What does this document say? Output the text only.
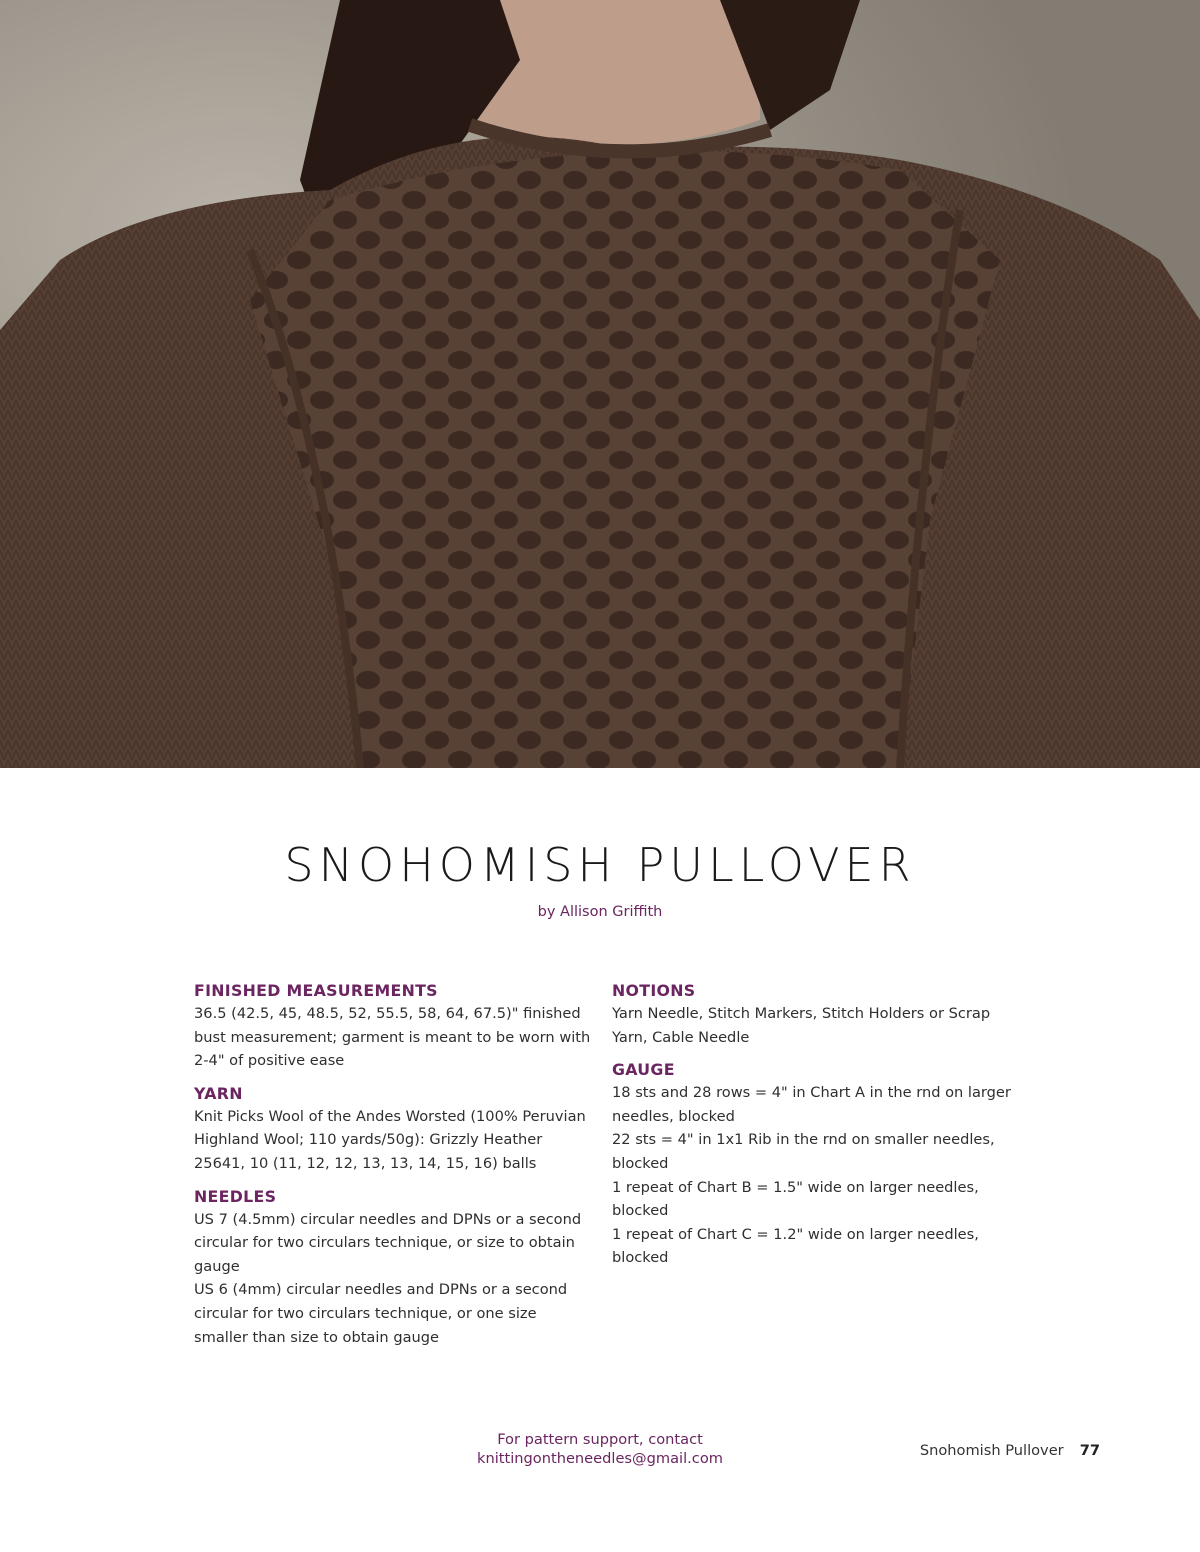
SNOHOMISH PULLOVER
by Allison Griffith
FINISHED MEASUREMENTS

36.5 (42.5, 45, 48.5, 52, 55.5, 58, 64, 67.5)" finished bust measurement; garment is meant to be worn with 2-4" of positive ease

YARN

Knit Picks Wool of the Andes Worsted (100% Peruvian Highland Wool; 110 yards/50g): Grizzly Heather 25641, 10 (11, 12, 12, 13, 13, 14, 15, 16) balls

NEEDLES

US 7 (4.5mm) circular needles and DPNs or a second circular for two circulars technique, or size to obtain gauge

US 6 (4mm) circular needles and DPNs or a second circular for two circulars technique, or one size smaller than size to obtain gauge

NOTIONS

Yarn Needle, Stitch Markers, Stitch Holders or Scrap Yarn, Cable Needle

GAUGE

18 sts and 28 rows = 4" in Chart A in the rnd on larger needles, blocked

22 sts = 4" in 1x1 Rib in the rnd on smaller needles, blocked

1 repeat of Chart B = 1.5" wide on larger needles, blocked

1 repeat of Chart C = 1.2" wide on larger needles, blocked

For pattern support, contact
knittingontheneedles@gmail.com	Snohomish Pullover 77
